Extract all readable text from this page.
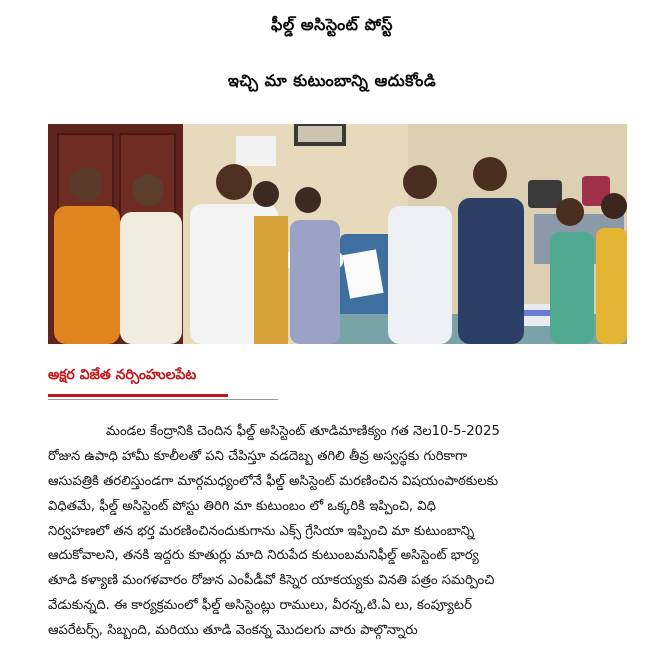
ఫీల్డ్ అసిస్టెంట్ పోస్ట్
ఇచ్చి మా కుటుంబాన్ని ఆదుకోండి
అక్షర విజేత నర్సింహులపేట
మండల కేంద్రానికి చెందిన ఫీల్డ్ అసిస్టెంట్ తూడిమాణిక్యం గత నెల10-5-2025
రోజున ఉపాధి హామీ కూలీలతో పని చేపిస్తూ వడదెబ్బ తగిలి తీవ్ర అస్వస్థకు గురికాగా
ఆసుపత్రికి తరలిస్తుండగా మార్గమధ్యంలోనే ఫీల్డ్ అసిస్టెంట్ మరణించిన విషయంపాఠకులకు
విధితమే, ఫీల్డ్ అసిస్టెంట్ పోస్టు తిరిగి మా కుటుంబం లో ఒక్కరికి ఇప్పించి, విధి
నిర్వహణలో తన భర్త మరణించినందుకుగాను ఎక్స్ గ్రేసియా ఇప్పించి మా కుటుంబాన్ని
ఆదుకోవాలని, తనకి ఇద్దరు కూతుర్లు మాది నిరుపేద కుటుంబమనిఫీల్డ్ అసిస్టెంట్ భార్య
తూడి కళ్యాణి మంగళవారం రోజున ఎంపీడీవో కిస్నెర యాకయ్యకు వినతి పత్రం సమర్పించి
వేడుకున్నది. ఈ కార్యక్రమంలో ఫీల్డ్ అసిస్టెంట్లు రాములు, వీరన్న,టి.ఏ లు, కంప్యూటర్
ఆపరేటర్స్, సిబ్బంది, మరియు తూడి వెంకన్న మొదలగు వారు పాల్గొన్నారు
